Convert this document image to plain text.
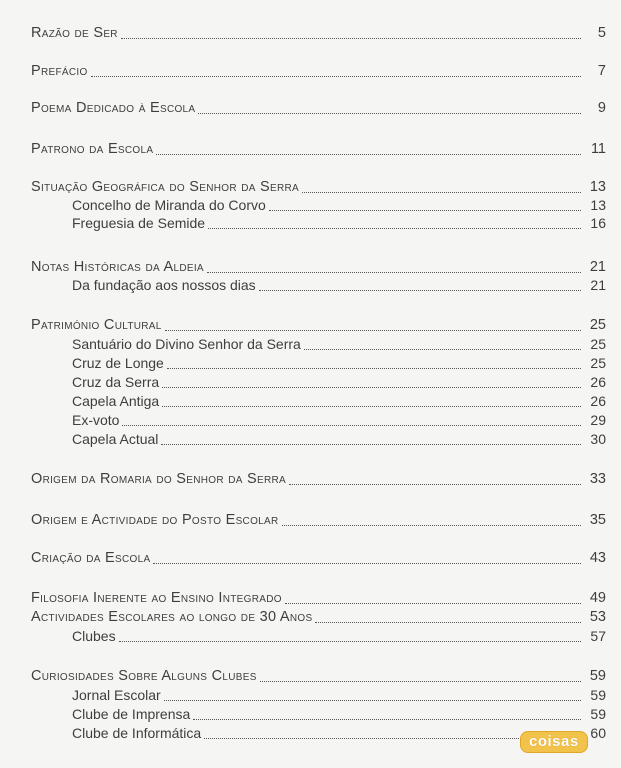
Razão de Ser	5
Prefácio	7
Poema Dedicado à Escola	9
Patrono da Escola	11
Situação Geográfica do Senhor da Serra	13
Concelho de Miranda do Corvo	13
Freguesia de Semide	16
Notas Históricas da Aldeia	21
Da fundação aos nossos dias	21
Património Cultural	25
Santuário do Divino Senhor da Serra	25
Cruz de Longe	25
Cruz da Serra	26
Capela Antiga	26
Ex-voto	29
Capela Actual	30
Origem da Romaria do Senhor da Serra	33
Origem e Actividade do Posto Escolar	35
Criação da Escola	43
Filosofia Inerente ao Ensino Integrado	49
Actividades Escolares ao longo de 30 Anos	53
Clubes	57
Curiosidades Sobre Alguns Clubes	59
Jornal Escolar	59
Clube de Imprensa	59
Clube de Informática	60
coisas
